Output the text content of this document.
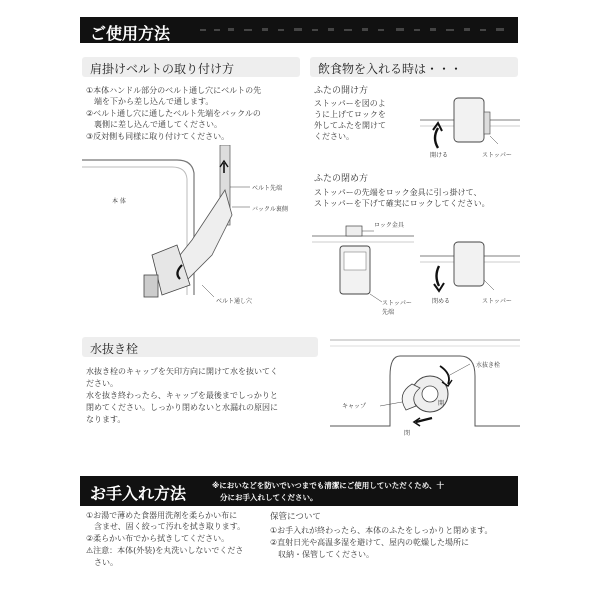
ご使用方法
肩掛けベルトの取り付け方
①本体ハンドル部分のベルト通し穴にベルトの先
　端を下から差し込んで通します。
②ベルト通し穴に通したベルト先端をバックルの
　裏側に差し込んで通してください。
③反対側も同様に取り付けてください。
本 体
ベルト先端
バックル裏側
ベルト通し穴
飲食物を入れる時は・・・
ふたの開け方
ストッパーを図のよ
うに上げてロックを
外してふたを開けて
ください。
開ける	ストッパー
ふたの閉め方
ストッパーの先端をロック金具に引っ掛けて、
ストッパーを下げて確実にロックしてください。
ロック金具
ストッパー
先端
閉める	ストッパー
水抜き栓
水抜き栓のキャップを矢印方向に開けて水を抜いてく
ださい。
水を抜き終わったら、キャップを最後までしっかりと
閉めてください。しっかり閉めないと水漏れの原因に
なります。
水抜き栓
キャップ	開
閉
お手入れ方法	※においなどを防いでいつまでも清潔にご使用していただくため、十
分にお手入れしてください。
①お湯で薄めた食器用洗剤を柔らかい布に
　含ませ、固く絞って汚れを拭き取ります。
②柔らかい布でから拭きしてください。
⚠注意：本体(外装)を丸洗いしないでくださ
　さい。
保管について
①お手入れが終わったら、本体のふたをしっかりと閉めます。
②直射日光や高温多湿を避けて、屋内の乾燥した場所に
　収納・保管してください。
